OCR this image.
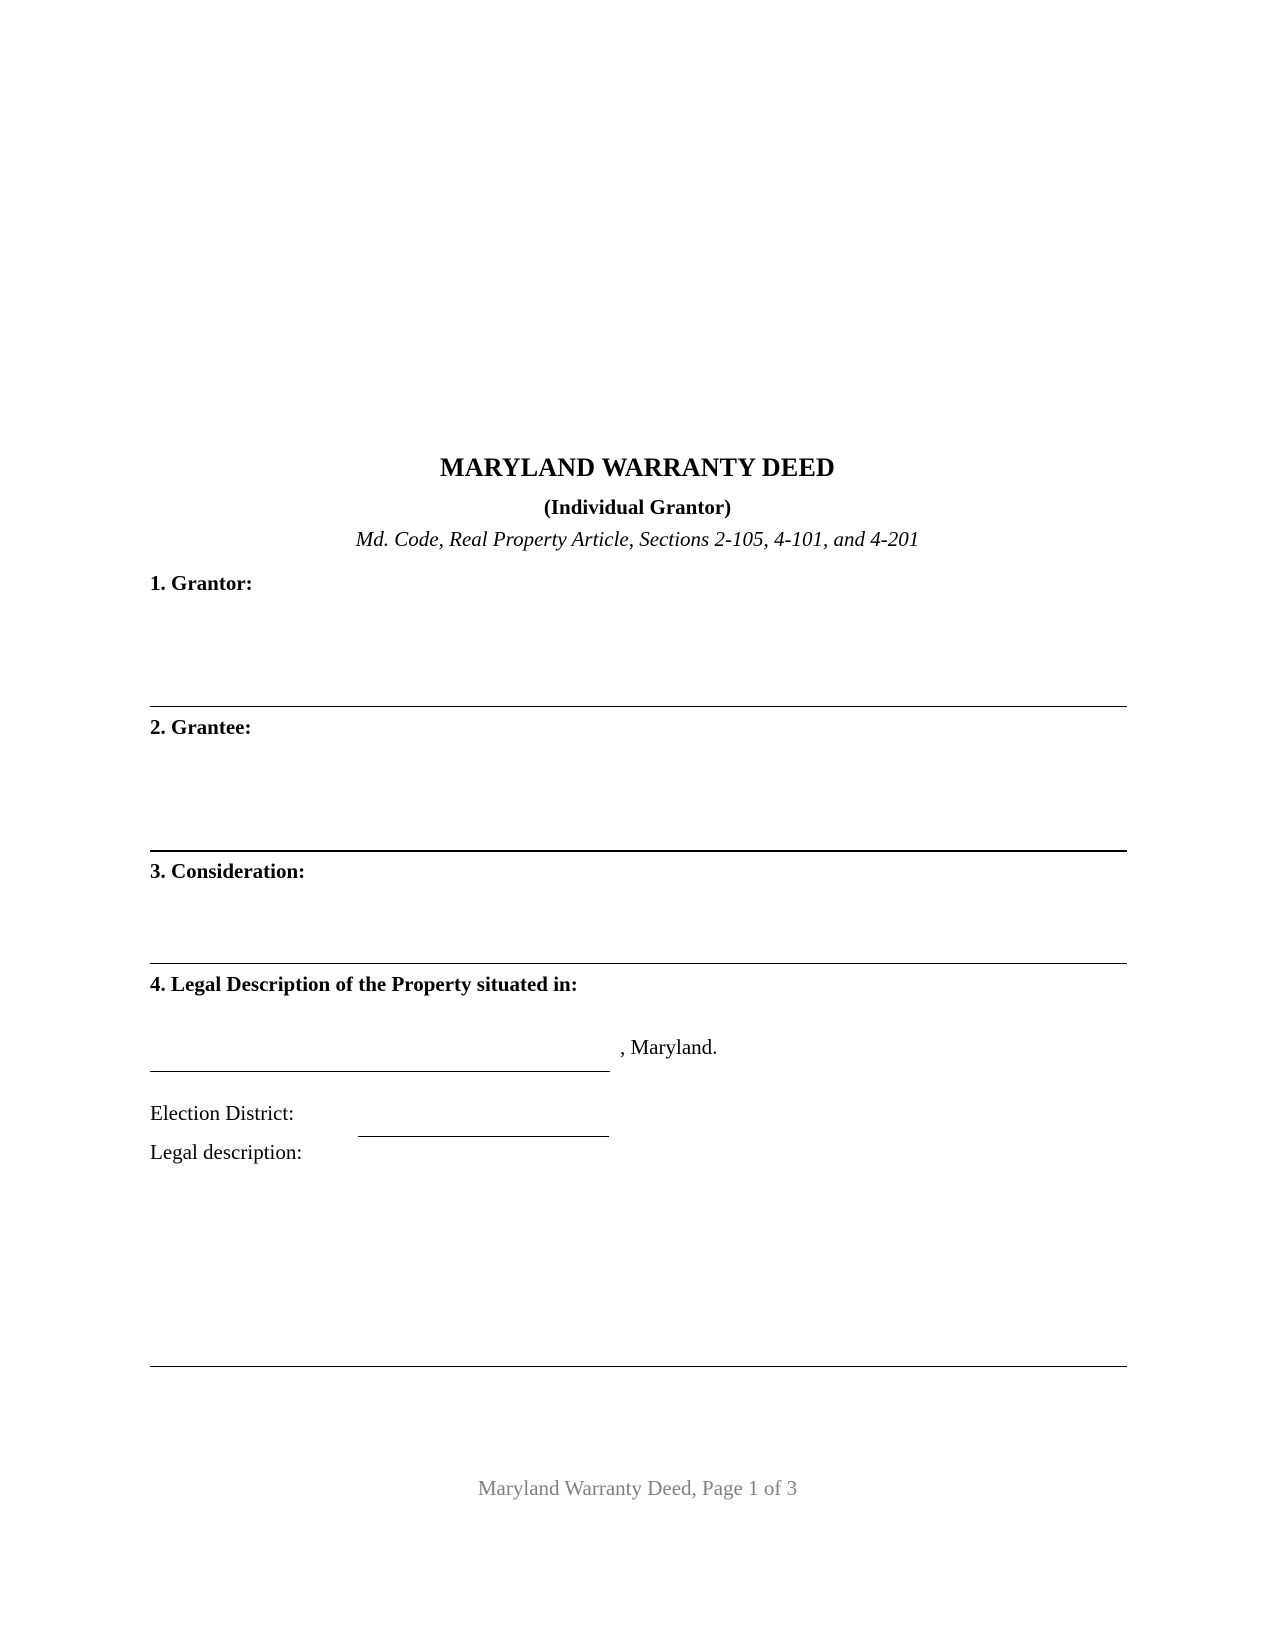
MARYLAND WARRANTY DEED
(Individual Grantor)
Md. Code, Real Property Article, Sections 2-105, 4-101, and 4-201
1. Grantor:
2. Grantee:
3. Consideration:
4. Legal Description of the Property situated in:
, Maryland.
Election District:
Legal description:
Maryland Warranty Deed, Page 1 of 3
